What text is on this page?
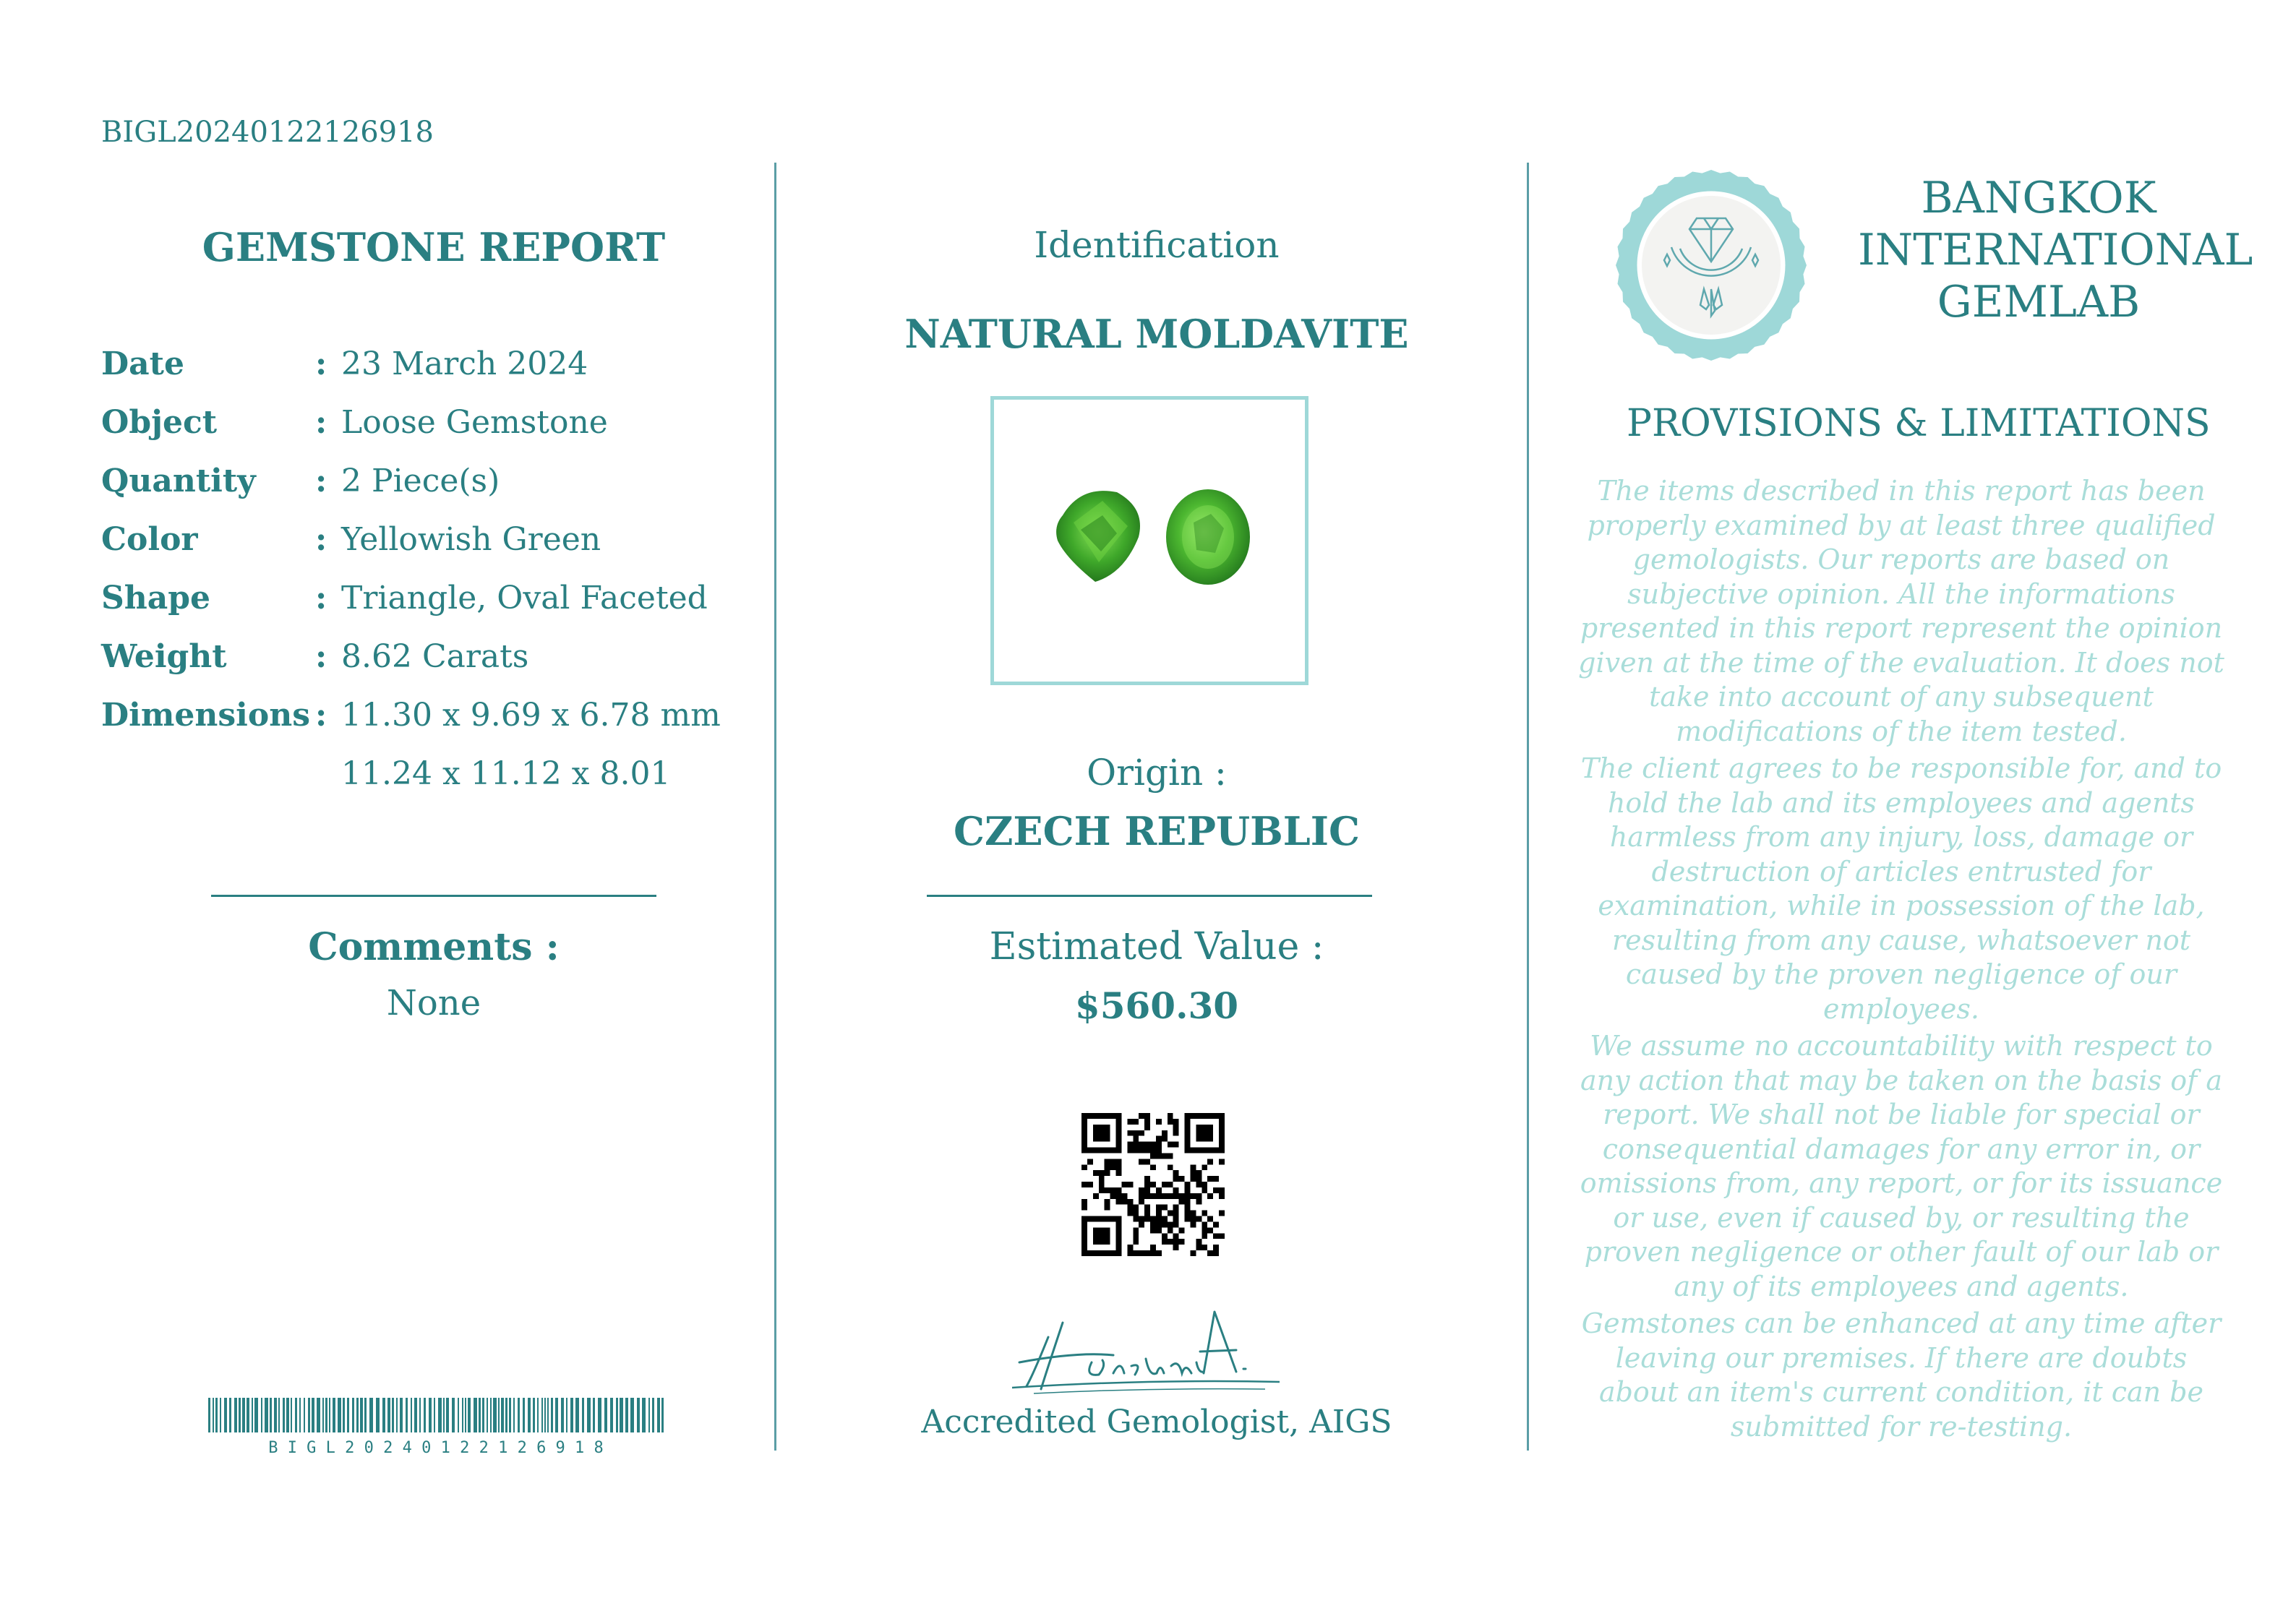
BIGL20240122126918
GEMSTONE REPORT
Date	: 23 March 2024
Object	: Loose Gemstone
Quantity : 2 Piece(s)
Color	: Yellowish Green
Shape	: Triangle, Oval Faceted
Weight	: 8.62 Carats
Dimensions : 11.30 x 9.69 x 6.78 mm
11.24 x 11.12 x 8.01
Comments :
None
B I G L 2 0 2 4 0 1 2 2 1 2 6 9 1 8
Identification
NATURAL MOLDAVITE
Origin :
CZECH REPUBLIC
Estimated Value :
$560.30
Accredited Gemologist, AIGS
BANGKOK
INTERNATIONAL
GEMLAB
PROVISIONS & LIMITATIONS
The items described in this report has been properly examined by at least three qualified gemologists. Our reports are based on subjective opinion. All the informations presented in this report represent the opinion given at the time of the evaluation. It does not take into account of any subsequent modifications of the item tested.
The client agrees to be responsible for, and to hold the lab and its employees and agents harmless from any injury, loss, damage or destruction of articles entrusted for examination, while in possession of the lab, resulting from any cause, whatsoever not caused by the proven negligence of our employees.
We assume no accountability with respect to any action that may be taken on the basis of a report. We shall not be liable for special or consequential damages for any error in, or omissions from, any report, or for its issuance or use, even if caused by, or resulting the proven negligence or other fault of our lab or any of its employees and agents.
Gemstones can be enhanced at any time after leaving our premises. If there are doubts about an item's current condition, it can be submitted for re-testing.
